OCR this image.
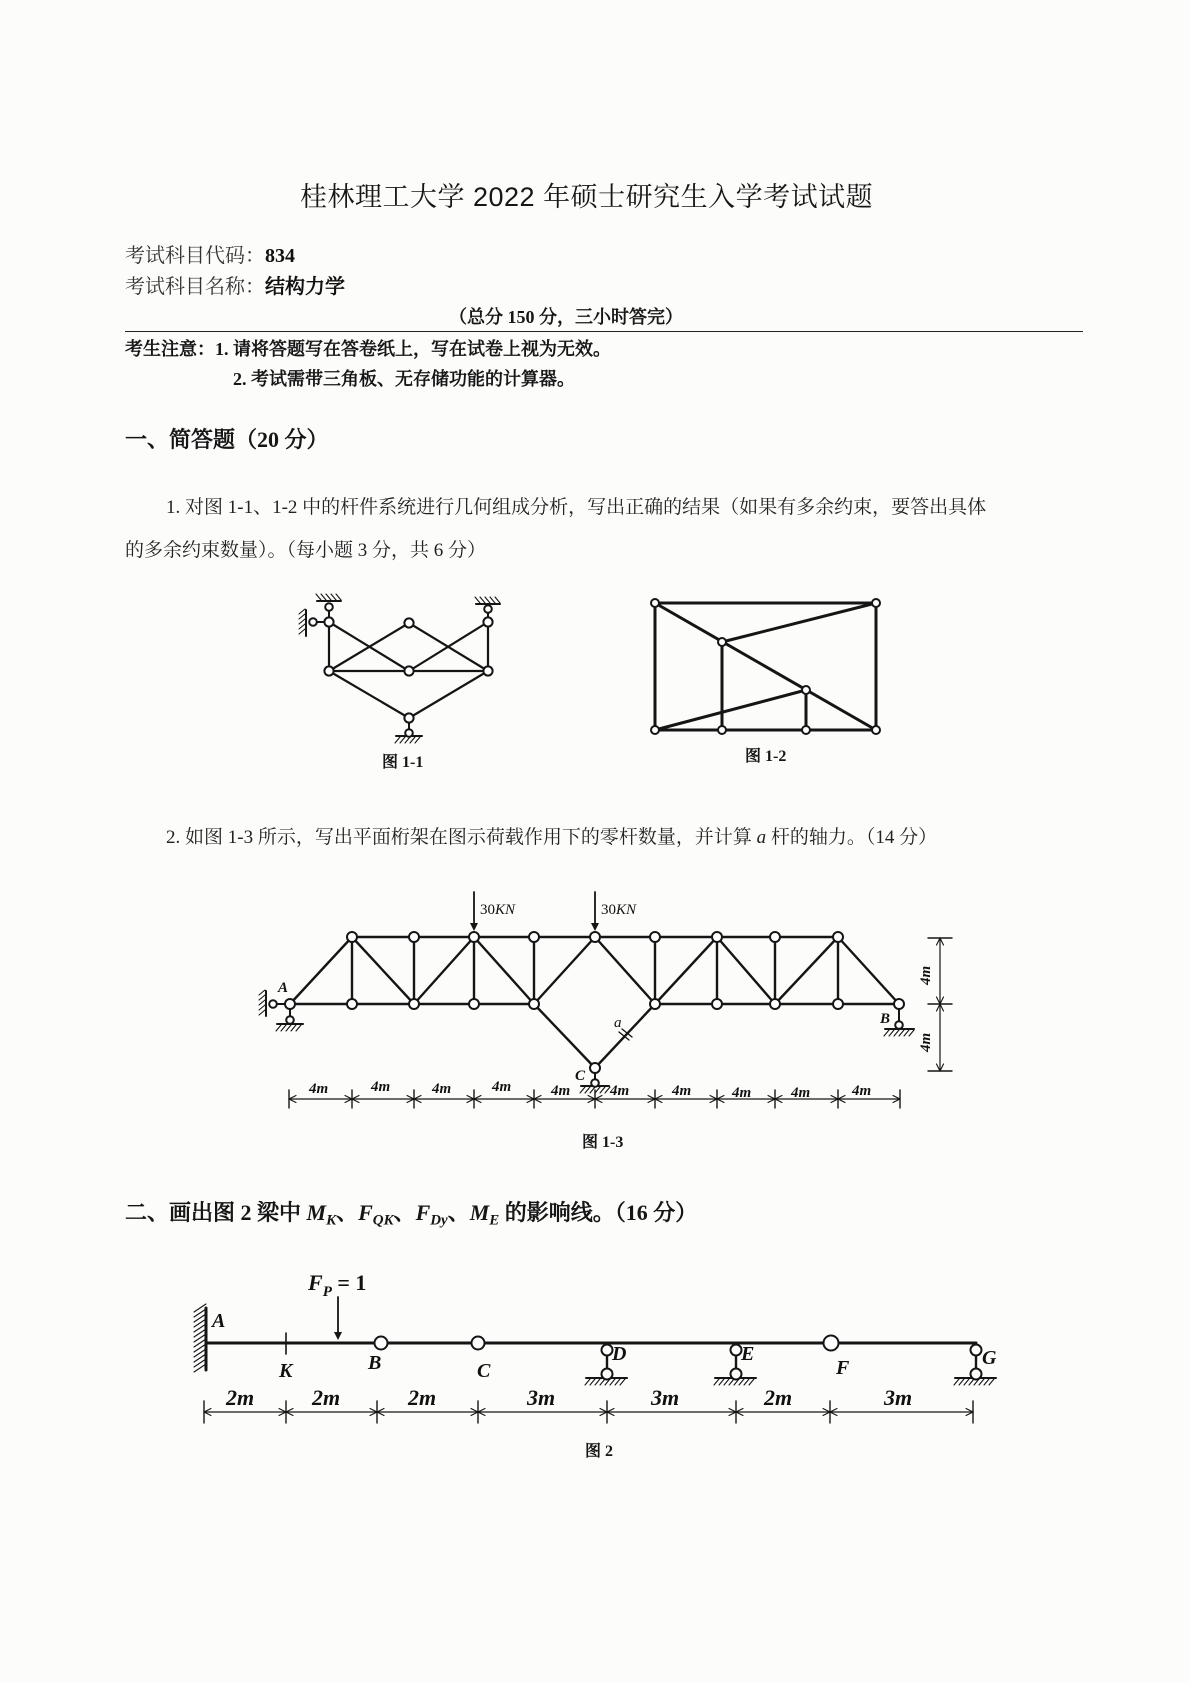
桂林理工大学 2022 年硕士研究生入学考试试题
考试科目代码：834
考试科目名称：结构力学
（总分 150 分，三小时答完）
考生注意：1. 请将答题写在答卷纸上，写在试卷上视为无效。
2. 考试需带三角板、无存储功能的计算器。
一、简答题（20 分）
1. 对图 1-1、1-2 中的杆件系统进行几何组成分析，写出正确的结果（如果有多余约束，要答出具体
的多余约束数量）。（每小题 3 分，共 6 分）
图 1-1	图 1-2
2. 如图 1-3 所示，写出平面桁架在图示荷载作用下的零杆数量，并计算 a 杆的轴力。（14 分）
30KN	30KN
A
B
C
a
4m	4m	4m	4m	4m	4m	4m	4m	4m	4m
4m
4m
图 1-3
二、画出图 2 梁中 $M_K$、$F_{QK}$、$F_{Dy}$、$M_E$ 的影响线。（16 分）
$F_P = 1$
A
K	B	C
D	E
F	G
2m	2m	2m	3m	3m	2m	3m
图 2
